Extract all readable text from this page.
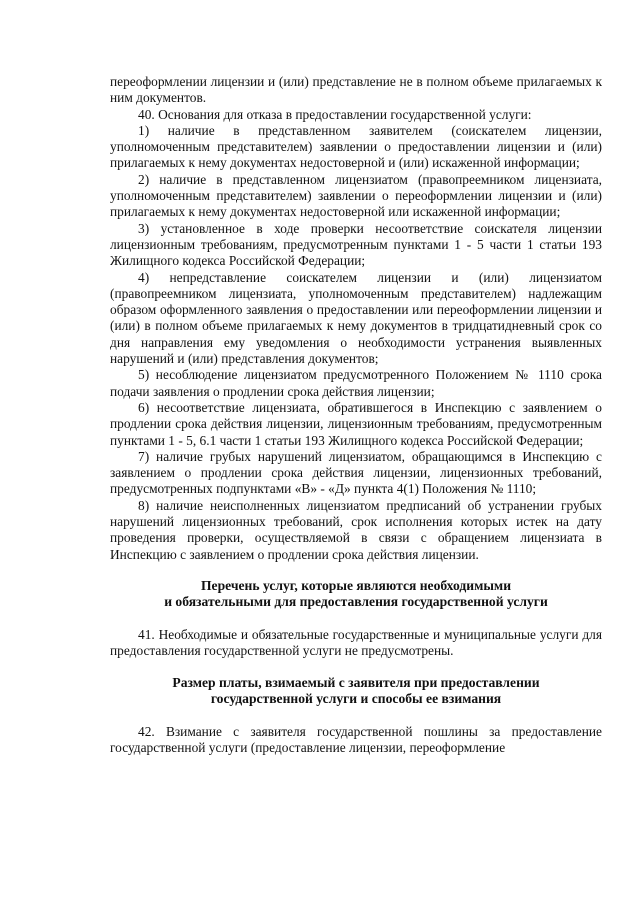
переоформлении лицензии и (или) представление не в полном объеме прилагаемых к ним документов.

40. Основания для отказа в предоставлении государственной услуги:

1) наличие в представленном заявителем (соискателем лицензии, уполномоченным представителем) заявлении о предоставлении лицензии и (или) прилагаемых к нему документах недостоверной и (или) искаженной информации;

2) наличие в представленном лицензиатом (правопреемником лицензиата, уполномоченным представителем) заявлении о переоформлении лицензии и (или) прилагаемых к нему документах недостоверной или искаженной информации;

3) установленное в ходе проверки несоответствие соискателя лицензии лицензионным требованиям, предусмотренным пунктами 1 - 5 части 1 статьи 193 Жилищного кодекса Российской Федерации;

4) непредставление соискателем лицензии и (или) лицензиатом (правопреемником лицензиата, уполномоченным представителем) надлежащим образом оформленного заявления о предоставлении или переоформлении лицензии и (или) в полном объеме прилагаемых к нему документов в тридцатидневный срок со дня направления ему уведомления о необходимости устранения выявленных нарушений и (или) представления документов;

5) несоблюдение лицензиатом предусмотренного Положением № 1110 срока подачи заявления о продлении срока действия лицензии;

6) несоответствие лицензиата, обратившегося в Инспекцию с заявлением о продлении срока действия лицензии, лицензионным требованиям, предусмотренным пунктами 1 - 5, 6.1 части 1 статьи 193 Жилищного кодекса Российской Федерации;

7) наличие грубых нарушений лицензиатом, обращающимся в Инспекцию с заявлением о продлении срока действия лицензии, лицензионных требований, предусмотренных подпунктами «В» - «Д» пункта 4(1) Положения № 1110;

8) наличие неисполненных лицензиатом предписаний об устранении грубых нарушений лицензионных требований, срок исполнения которых истек на дату проведения проверки, осуществляемой в связи с обращением лицензиата в Инспекцию с заявлением о продлении срока действия лицензии.

Перечень услуг, которые являются необходимыми

и обязательными для предоставления государственной услуги

41. Необходимые и обязательные государственные и муниципальные услуги для предоставления государственной услуги не предусмотрены.

Размер платы, взимаемый с заявителя при предоставлении

государственной услуги и способы ее взимания

42. Взимание с заявителя государственной пошлины за предоставление государственной услуги (предоставление лицензии, переоформление
